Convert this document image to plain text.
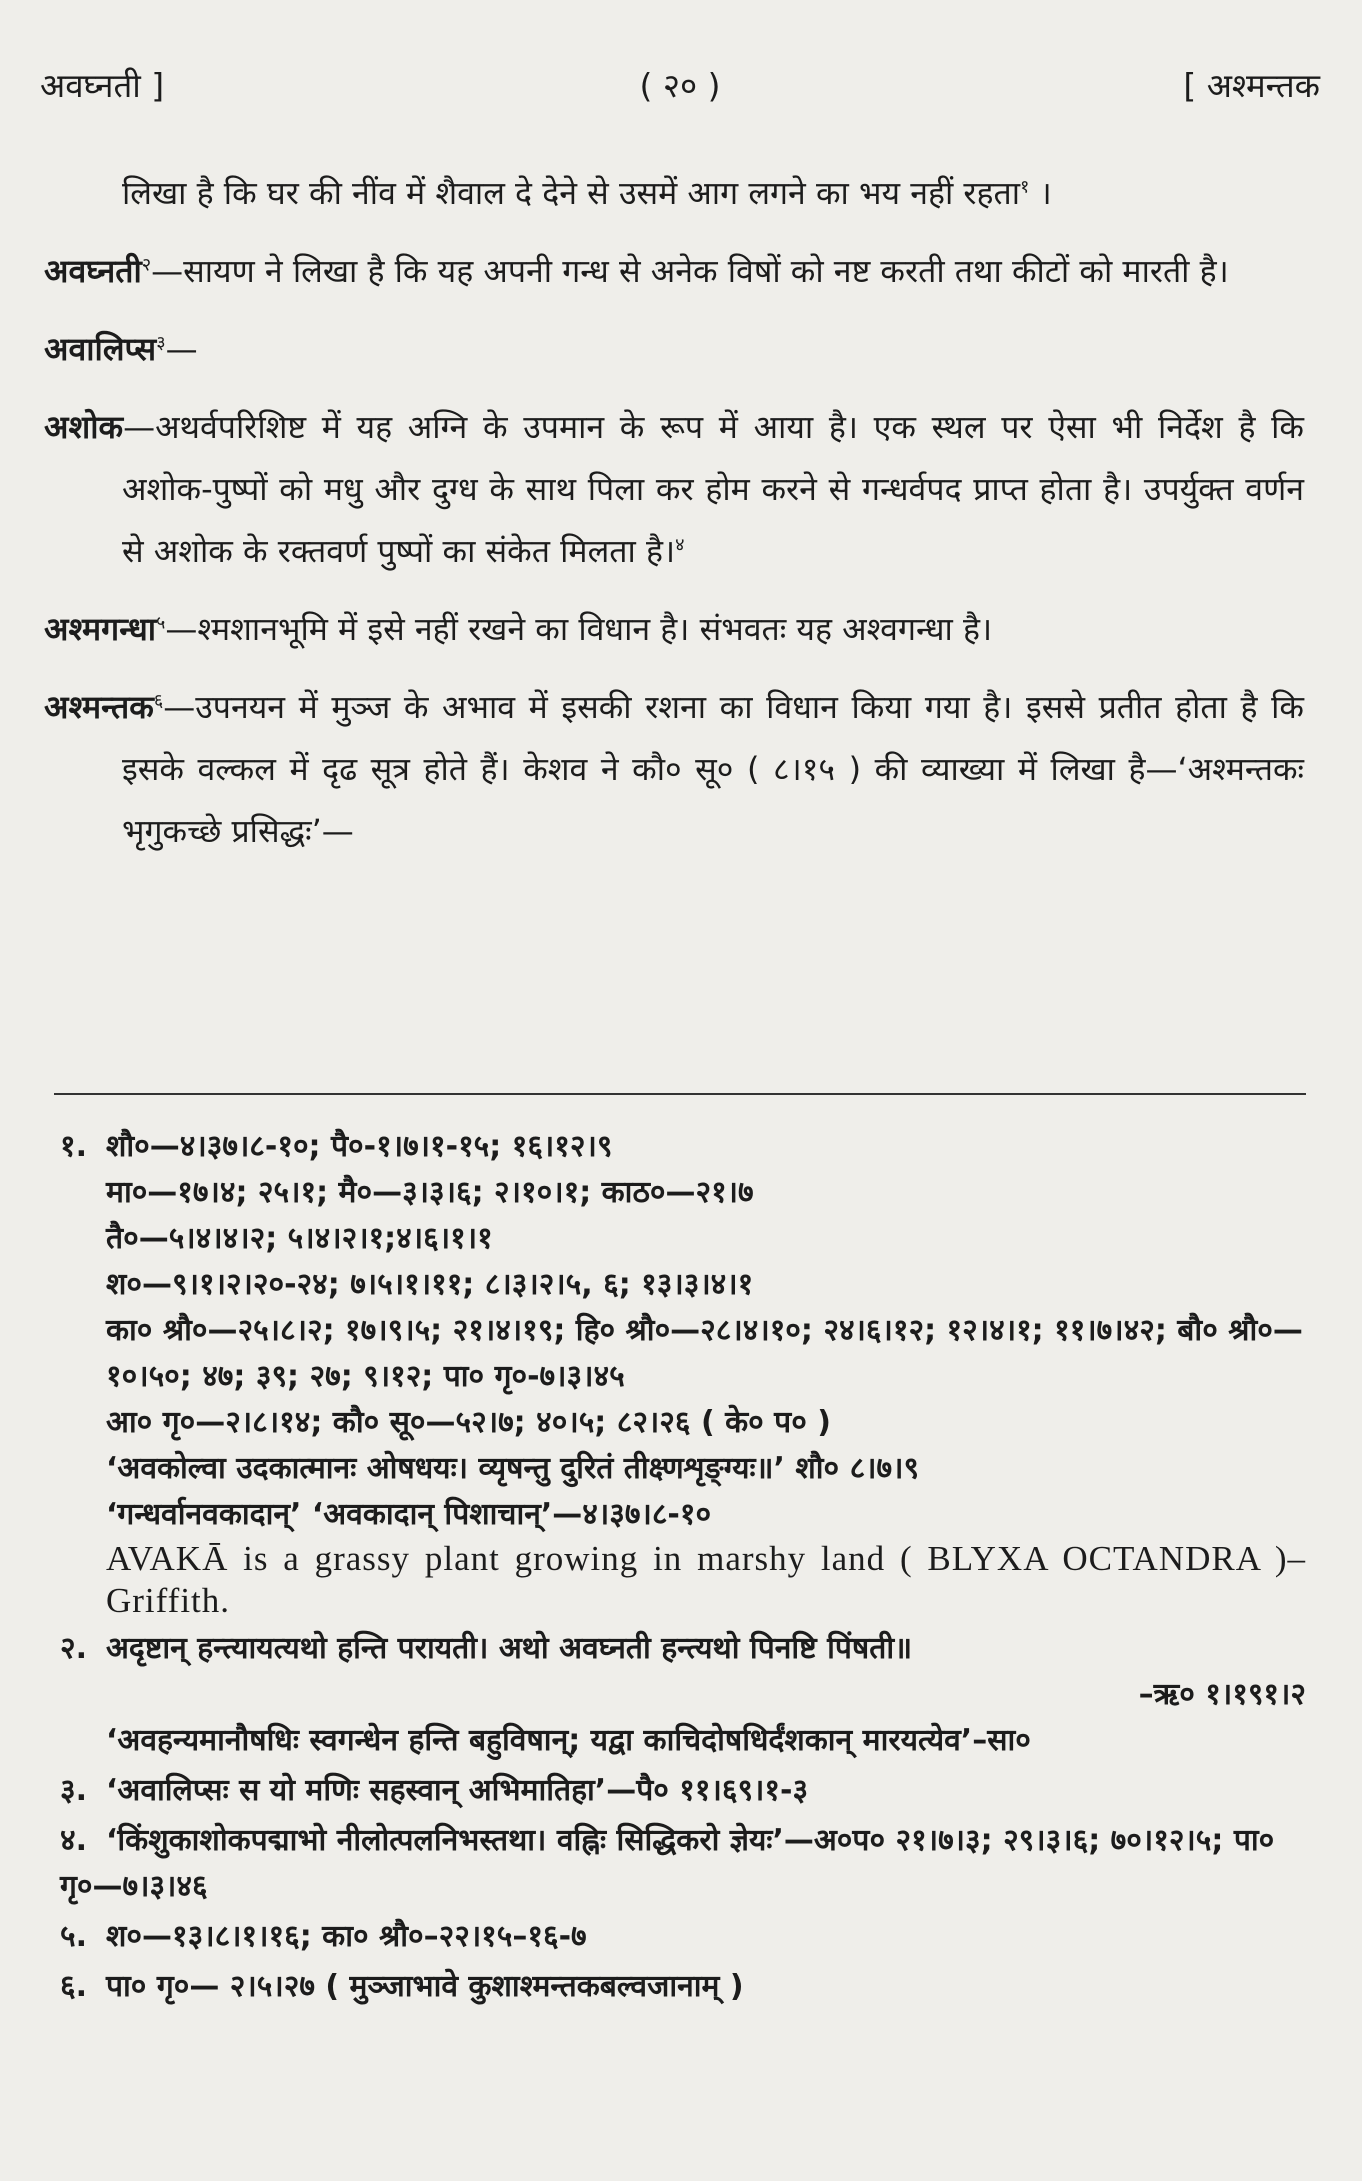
अवघ्नती ]	( २० )	[ अश्मन्तक

लिखा है कि घर की नींव में शैवाल दे देने से उसमें आग लगने का भय नहीं रहता$^१$ ।

अवघ्नती$^२$—सायण ने लिखा है कि यह अपनी गन्ध से अनेक विषों को नष्ट करती तथा कीटों को मारती है।

अवालिप्स$^३$—

अशोक—अथर्वपरिशिष्ट में यह अग्नि के उपमान के रूप में आया है। एक स्थल पर ऐसा भी निर्देश है कि अशोक-पुष्पों को मधु और दुग्ध के साथ पिला कर होम करने से गन्धर्वपद प्राप्त होता है। उपर्युक्त वर्णन से अशोक के रक्तवर्ण पुष्पों का संकेत मिलता है।$^४$

अश्मगन्धा$^५$—श्मशानभूमि में इसे नहीं रखने का विधान है। संभवतः यह अश्वगन्धा है।

अश्मन्तक$^६$—उपनयन में मुञ्ज के अभाव में इसकी रशना का विधान किया गया है। इससे प्रतीत होता है कि इसके वल्कल में दृढ सूत्र होते हैं। केशव ने कौ० सू० ( ८।१५ ) की व्याख्या में लिखा है—‘अश्मन्तकः भृगुकच्छे प्रसिद्धः’—

१. शौ०—४।३७।८-१०; पै०-१।७।१-१५; १६।१२।९
मा०—१७।४; २५।१; मै०—३।३।६; २।१०।१; काठ०—२१।७
तै०—५।४।४।२; ५।४।२।१;४।६।१।१
श०—९।१।२।२०-२४; ७।५।१।११; ८।३।२।५, ६; १३।३।४।१
का० श्रौ०—२५।८।२; १७।९।५; २१।४।१९; हि० श्रौ०—२८।४।१०; २४।६।१२; १२।४।१; ११।७।४२; बौ० श्रौ०—१०।५०; ४७; ३९; २७; ९।१२; पा० गृ०-७।३।४५
आ० गृ०—२।८।१४; कौ० सू०—५२।७; ४०।५; ८२।२६ ( के० प० )
‘अवकोल्वा उदकात्मानः ओषधयः। व्यृषन्तु दुरितं तीक्ष्णशृङ्ग्यः॥’ शौ० ८।७।९
‘गन्धर्वानवकादान्’ ‘अवकादान् पिशाचान्’—४।३७।८-१०
AVAKĀ is a grassy plant growing in marshy land ( BLYXA OCTANDRA )– Griffith.
२. अदृष्टान् हन्त्यायत्यथो हन्ति परायती। अथो अवघ्नती हन्त्यथो पिनष्टि पिंषती॥
–ऋ० १।१९१।२
‘अवहन्यमानौषधिः स्वगन्धेन हन्ति बहुविषान्; यद्वा काचिदोषधिर्दंशकान् मारयत्येव’–सा०
३. ‘अवालिप्सः स यो मणिः सहस्वान् अभिमातिहा’—पै० ११।६९।१-३
४. ‘किंशुकाशोकपद्माभो नीलोत्पलनिभस्तथा। वह्निः सिद्धिकरो ज्ञेयः’—अ०प० २१।७।३; २९।३।६; ७०।१२।५; पा० गृ०—७।३।४६
५. श०—१३।८।१।१६; का० श्रौ०–२२।१५–१६-७
६. पा० गृ०— २।५।२७ ( मुञ्जाभावे कुशाश्मन्तकबल्वजानाम् )
